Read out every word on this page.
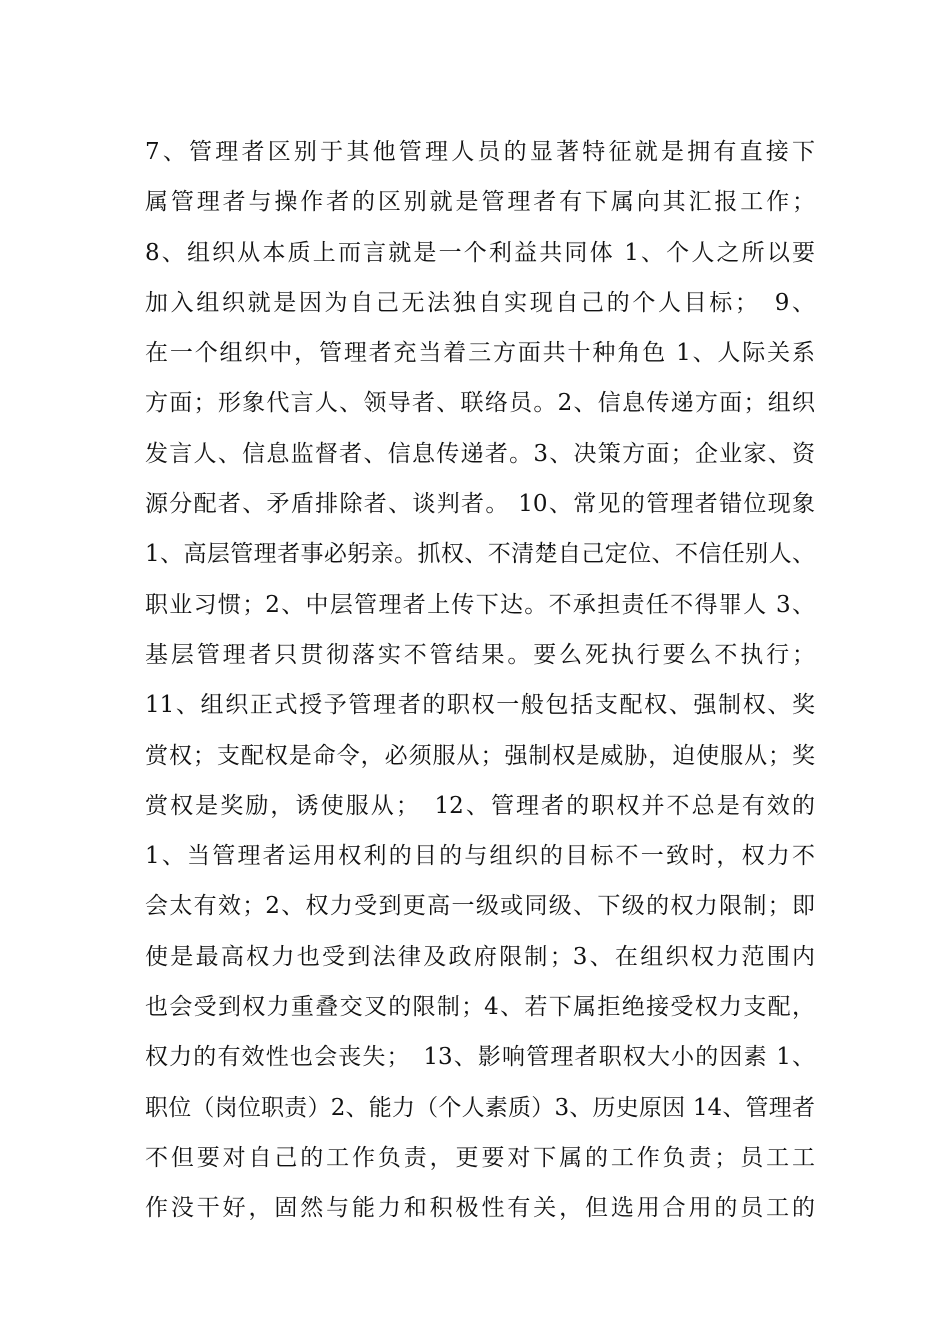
7、管理者区别于其他管理人员的显著特征就是拥有直接下
属管理者与操作者的区别就是管理者有下属向其汇报工作；
8、组织从本质上而言就是一个利益共同体 1、个人之所以要
加入组织就是因为自己无法独自实现自己的个人目标；　9、
在一个组织中，管理者充当着三方面共十种角色 1、人际关系
方面；形象代言人、领导者、联络员。2、信息传递方面；组织
发言人、信息监督者、信息传递者。3、决策方面；企业家、资
源分配者、矛盾排除者、谈判者。 10、常见的管理者错位现象
1、高层管理者事必躬亲。抓权、不清楚自己定位、不信任别人、
职业习惯；2、中层管理者上传下达。不承担责任不得罪人 3、
基层管理者只贯彻落实不管结果。要么死执行要么不执行；
11、组织正式授予管理者的职权一般包括支配权、强制权、奖
赏权；支配权是命令，必须服从；强制权是威胁，迫使服从；奖
赏权是奖励，诱使服从；　12、管理者的职权并不总是有效的
1、当管理者运用权利的目的与组织的目标不一致时，权力不
会太有效；2、权力受到更高一级或同级、下级的权力限制；即
使是最高权力也受到法律及政府限制；3、在组织权力范围内
也会受到权力重叠交叉的限制；4、若下属拒绝接受权力支配，
权力的有效性也会丧失；　13、影响管理者职权大小的因素 1、
职位（岗位职责）2、能力（个人素质）3、历史原因 14、管理者
不但要对自己的工作负责，更要对下属的工作负责；员工工
作没干好，固然与能力和积极性有关，但选用合用的员工的
